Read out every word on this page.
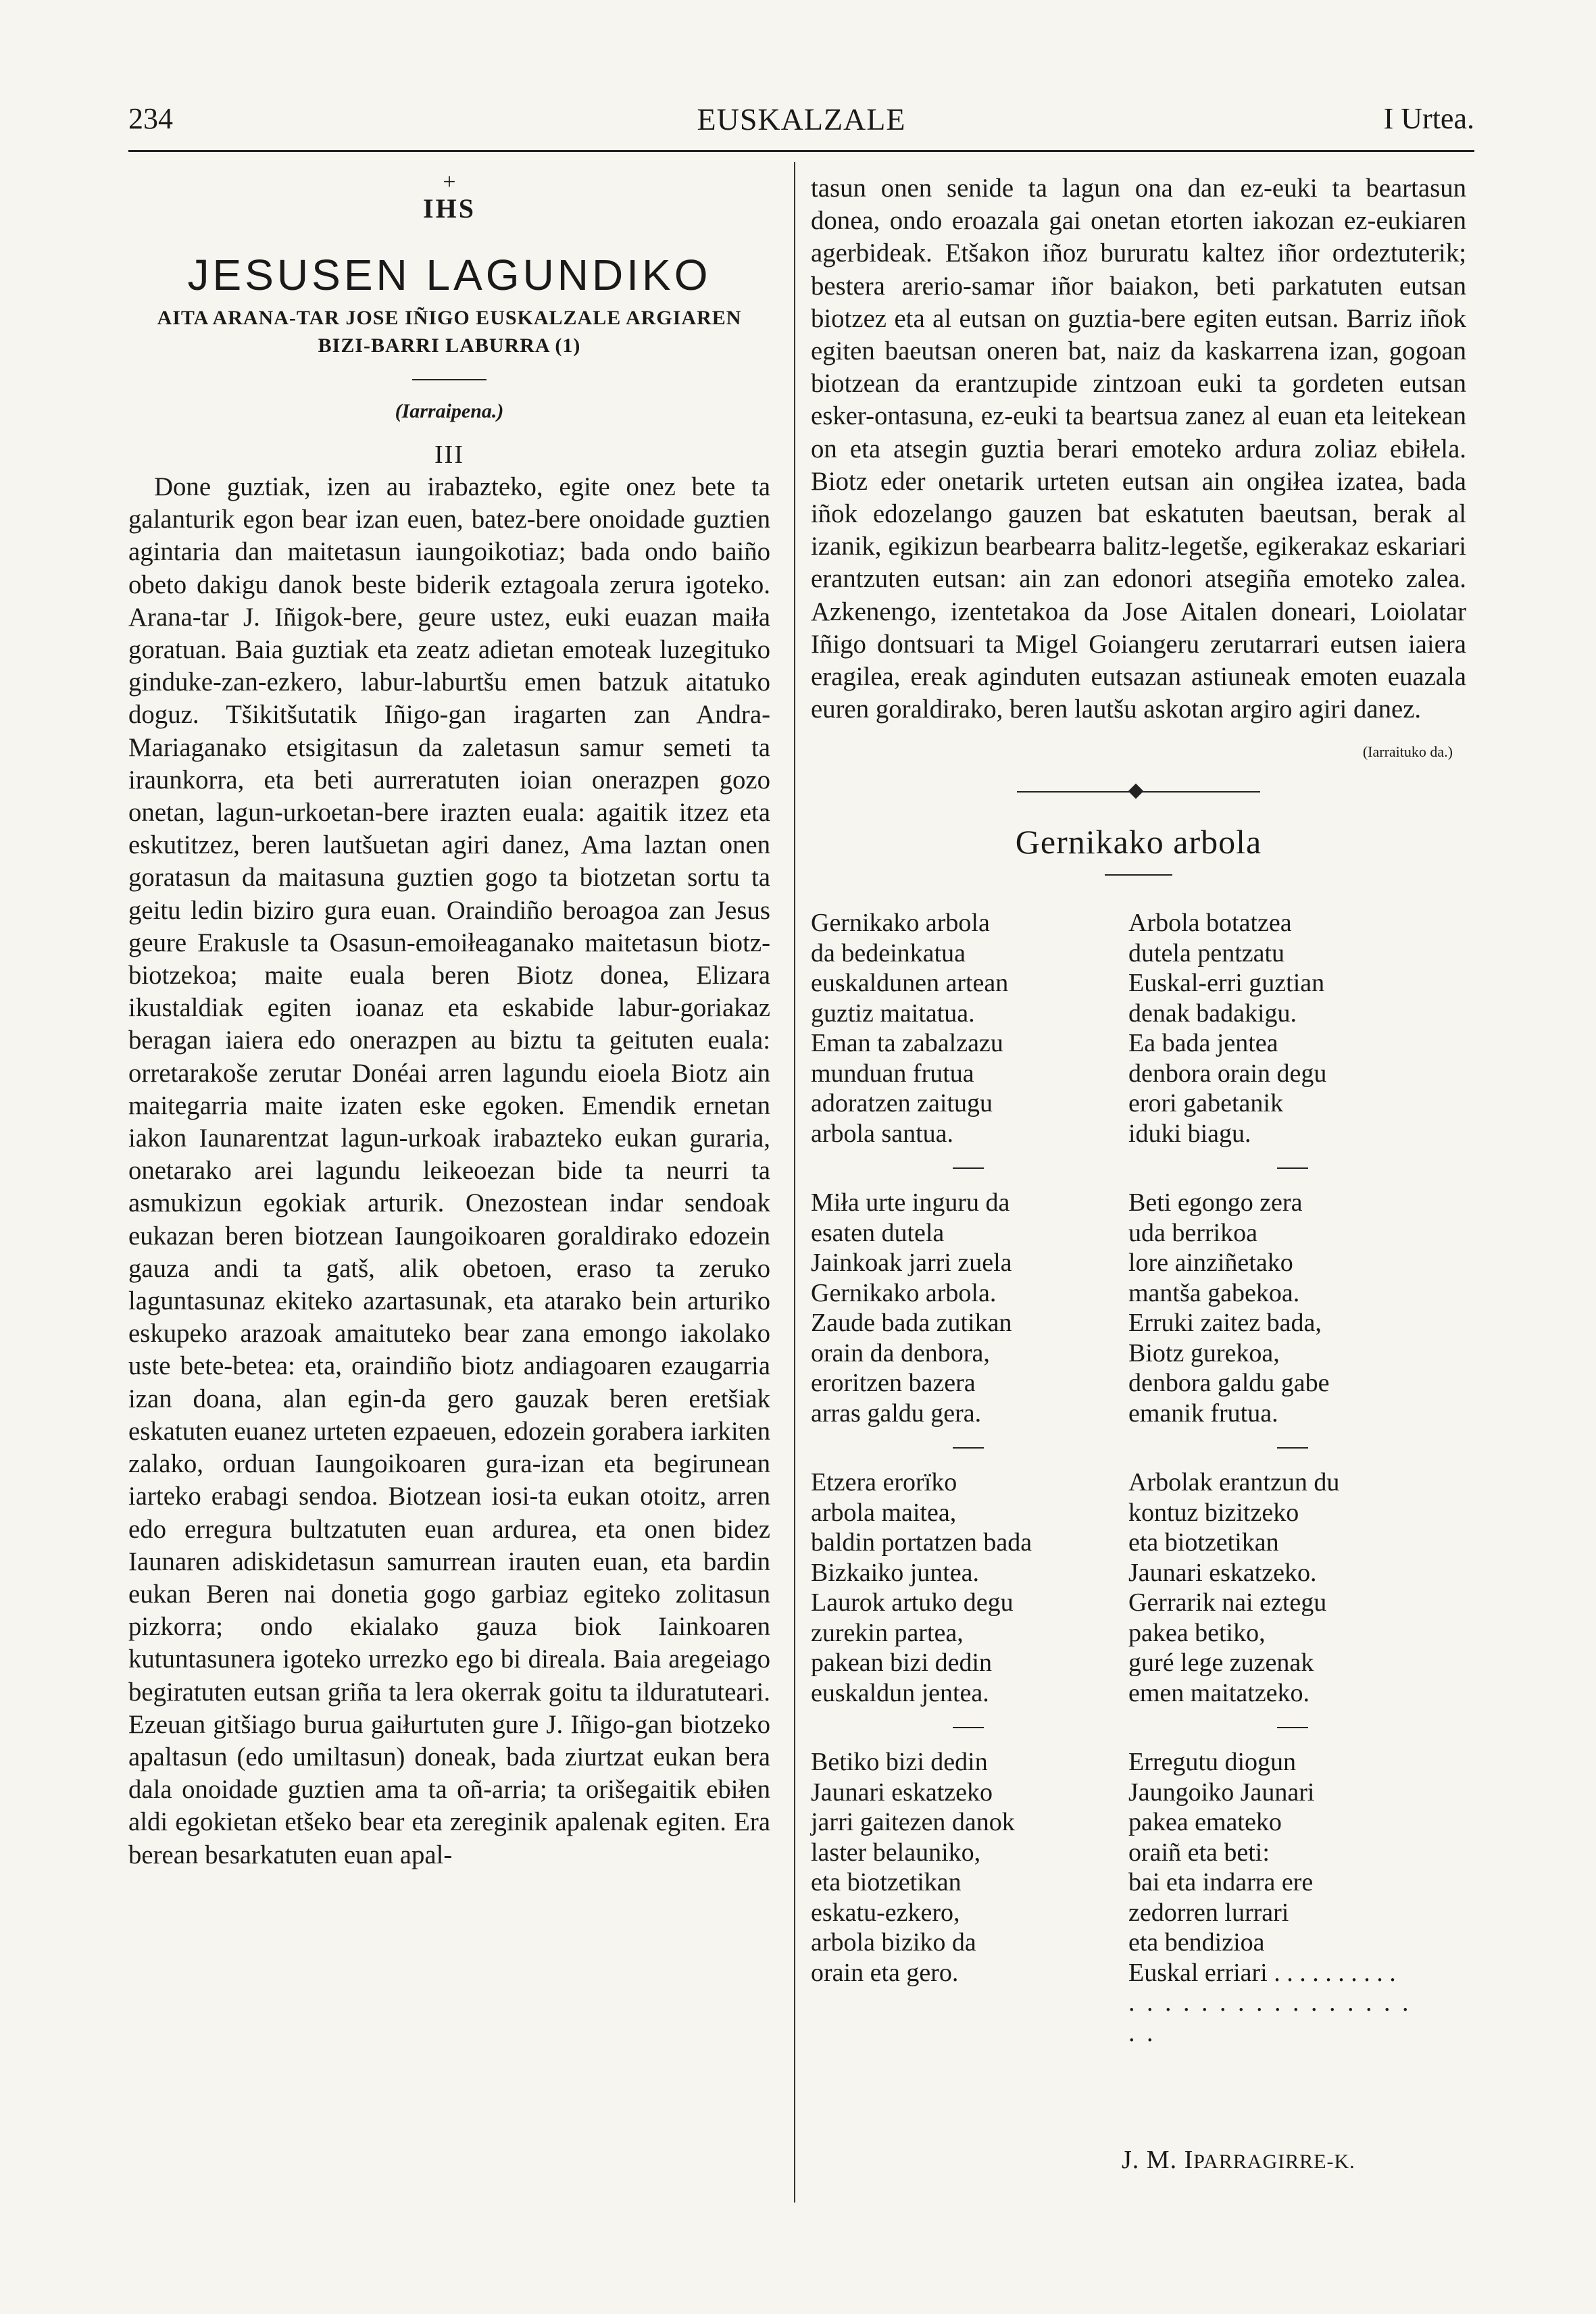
234	EUSKALZALE	I Urtea.
+
IHS
JESUSEN LAGUNDIKO
AITA ARANA-TAR JOSE IÑIGO EUSKALZALE ARGIAREN
BIZI-BARRI LABURRA (1)
(Iarraipena.)
III

Done guztiak, izen au irabazteko, egite onez bete ta galanturik egon bear izan euen, batez-bere onoidade guztien agintaria dan maitetasun iaungoikotiaz; bada ondo baiño obeto dakigu danok beste biderik eztagoala zerura igoteko. Arana-tar J. Iñigok-bere, geure ustez, euki euazan maiła goratuan. Baia guztiak eta zeatz adietan emoteak luzegituko ginduke-zan-ezkero, labur-laburtšu emen batzuk aitatuko doguz. Tšikitšutatik Iñigo-gan iragarten zan Andra-Mariaganako etsigitasun da zaletasun samur semeti ta iraunkorra, eta beti aurreratuten ioian onerazpen gozo onetan, lagun-urkoetan-bere irazten euala: agaitik itzez eta eskutitzez, beren lautšuetan agiri danez, Ama laztan onen goratasun da maitasuna guztien gogo ta biotzetan sortu ta geitu ledin biziro gura euan. Oraindiño beroagoa zan Jesus geure Erakusle ta Osasun-emoiłeaganako maitetasun biotz-biotzekoa; maite euala beren Biotz donea, Elizara ikustaldiak egiten ioanaz eta eskabide labur-goriakaz beragan iaiera edo onerazpen au biztu ta geituten euala: orretarakoše zerutar Donéai arren lagundu eioela Biotz ain maitegarria maite izaten eske egoken. Emendik ernetan iakon Iaunarentzat lagun-urkoak irabazteko eukan guraria, onetarako arei lagundu leikeoezan bide ta neurri ta asmukizun egokiak arturik. Onezostean indar sendoak eukazan beren biotzean Iaungoikoaren goraldirako edozein gauza andi ta gatš, alik obetoen, eraso ta zeruko laguntasunaz ekiteko azartasunak, eta atarako bein arturiko eskupeko arazoak amaituteko bear zana emongo iakolako uste bete-betea: eta, oraindiño biotz andiagoaren ezaugarria izan doana, alan egin-da gero gauzak beren eretšiak eskatuten euanez urteten ezpaeuen, edozein gorabera iarkiten zalako, orduan Iaungoikoaren gura-izan eta begirunean iarteko erabagi sendoa. Biotzean iosi-ta eukan otoitz, arren edo erregura bultzatuten euan ardurea, eta onen bidez Iaunaren adiskidetasun samurrean irauten euan, eta bardin eukan Beren nai donetia gogo garbiaz egiteko zolitasun pizkorra; ondo ekialako gauza biok Iainkoaren kutuntasunera igoteko urrezko ego bi direala. Baia aregeiago begiratuten eutsan griña ta lera okerrak goitu ta ilduratuteari. Ezeuan gitšiago burua gaiłurtuten gure J. Iñigo-gan biotzeko apaltasun (edo umiltasun) doneak, bada ziurtzat eukan bera dala onoidade guztien ama ta oñ-arria; ta orišegaitik ebiłen aldi egokietan etšeko bear eta zereginik apalenak egiten. Era berean besarkatuten euan apal-

tasun onen senide ta lagun ona dan ez-euki ta beartasun donea, ondo eroazala gai onetan etorten iakozan ez-eukiaren agerbideak. Etšakon iñoz bururatu kaltez iñor ordeztuterik; bestera arerio-samar iñor baiakon, beti parkatuten eutsan biotzez eta al eutsan on guztia-bere egiten eutsan. Barriz iñok egiten baeutsan oneren bat, naiz da kaskarrena izan, gogoan biotzean da erantzupide zintzoan euki ta gordeten eutsan esker-ontasuna, ez-euki ta beartsua zanez al euan eta leitekean on eta atsegin guztia berari emoteko ardura zoliaz ebiłela. Biotz eder onetarik urteten eutsan ain ongiłea izatea, bada iñok edozelango gauzen bat eskatuten baeutsan, berak al izanik, egikizun bearbearra balitz-legetše, egikerakaz eskariari erantzuten eutsan: ain zan edonori atsegiña emoteko zalea. Azkenengo, izentetakoa da Jose Aitalen doneari, Loiolatar Iñigo dontsuari ta Migel Goiangeru zerutarrari eutsen iaiera eragilea, ereak aginduten eutsazan astiuneak emoten euazala euren goraldirako, beren lautšu askotan argiro agiri danez.

(Iarraituko da.)
Gernikako arbola
Gernikako arbola
da bedeinkatua
euskaldunen artean
guztiz maitatua.
Eman ta zabalzazu
munduan frutua
adoratzen zaitugu
arbola santua.
Miła urte inguru da
esaten dutela
Jainkoak jarri zuela
Gernikako arbola.
Zaude bada zutikan
orain da denbora,
eroritzen bazera
arras galdu gera.
Etzera erorïko
arbola maitea,
baldin portatzen bada
Bizkaiko juntea.
Laurok artuko degu
zurekin partea,
pakean bizi dedin
euskaldun jentea.
Betiko bizi dedin
Jaunari eskatzeko
jarri gaitezen danok
laster belauniko,
eta biotzetikan
eskatu-ezkero,
arbola biziko da
orain eta gero.
Arbola botatzea
dutela pentzatu
Euskal-erri guztian
denak badakigu.
Ea bada jentea
denbora orain degu
erori gabetanik
iduki biagu.
Beti egongo zera
uda berrikoa
lore ainziñetako
mantša gabekoa.
Erruki zaitez bada,
Biotz gurekoa,
denbora galdu gabe
emanik frutua.
Arbolak erantzun du
kontuz bizitzeko
eta biotzetikan
Jaunari eskatzeko.
Gerrarik nai eztegu
pakea betiko,
guré lege zuzenak
emen maitatzeko.
Erregutu diogun
Jaungoiko Jaunari
pakea emateko
oraiñ eta beti:
bai eta indarra ere
zedorren lurrari
eta bendizioa
Euskal erriari . . . . . . . . . .
. . . . . . . . . . . . . . . . . .
J. M. IPARRAGIRRE-K.
